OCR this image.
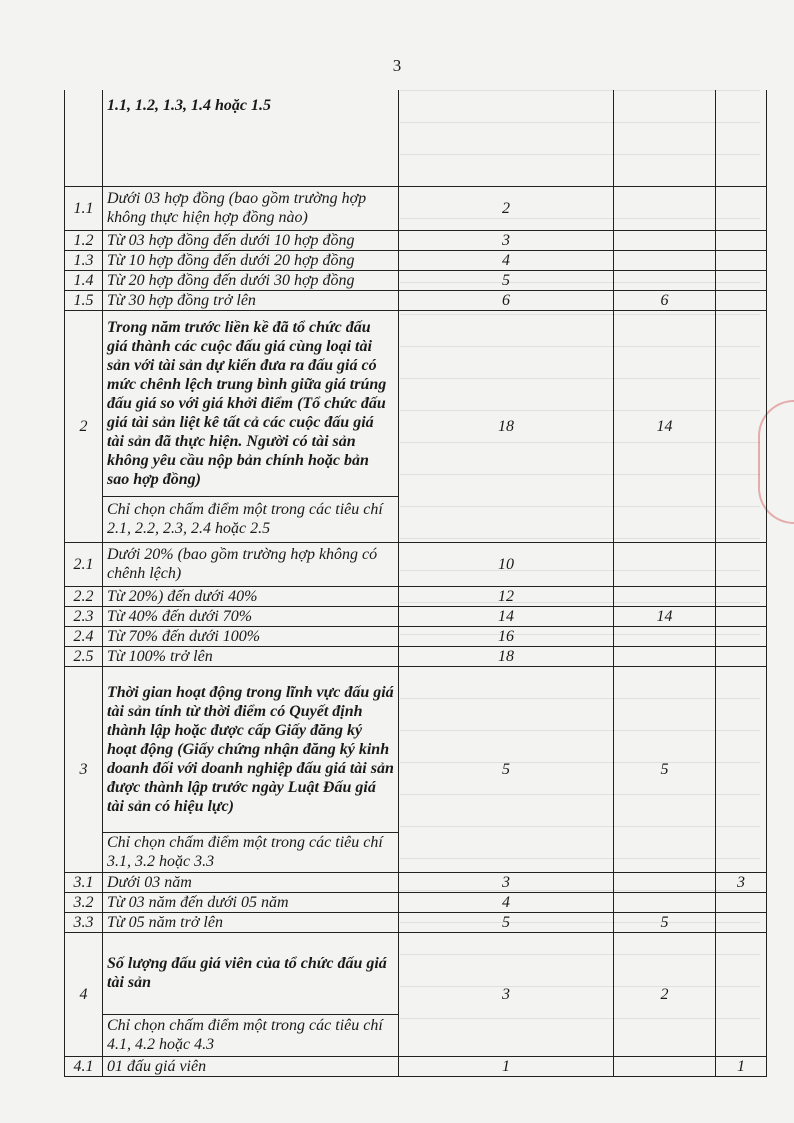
3
	1.1, 1.2, 1.3, 1.4 hoặc 1.5			
1.1	Dưới 03 hợp đồng (bao gồm trường hợp không thực hiện hợp đồng nào)	2		
1.2	Từ 03 hợp đồng đến dưới 10 hợp đồng	3		
1.3	Từ 10 hợp đồng đến dưới 20 hợp đồng	4		
1.4	Từ 20 hợp đồng đến dưới 30 hợp đồng	5		
1.5	Từ 30 hợp đồng trở lên	6	6	
2	Trong năm trước liền kề đã tổ chức đấu giá thành các cuộc đấu giá cùng loại tài sản với tài sản dự kiến đưa ra đấu giá có mức chênh lệch trung bình giữa giá trúng đấu giá so với giá khởi điểm (Tổ chức đấu giá tài sản liệt kê tất cả các cuộc đấu giá tài sản đã thực hiện. Người có tài sản không yêu cầu nộp bản chính hoặc bản sao hợp đồng)	18	14	
	Chỉ chọn chấm điểm một trong các tiêu chí 2.1, 2.2, 2.3, 2.4 hoặc 2.5			
2.1	Dưới 20% (bao gồm trường hợp không có chênh lệch)	10		
2.2	Từ 20%) đến dưới 40%	12		
2.3	Từ 40% đến dưới 70%	14	14	
2.4	Từ 70% đến dưới 100%	16		
2.5	Từ 100% trở lên	18		
3	Thời gian hoạt động trong lĩnh vực đấu giá tài sản tính từ thời điểm có Quyết định thành lập hoặc được cấp Giấy đăng ký hoạt động (Giấy chứng nhận đăng ký kinh doanh đối với doanh nghiệp đấu giá tài sản được thành lập trước ngày Luật Đấu giá tài sản có hiệu lực)	5	5	
	Chỉ chọn chấm điểm một trong các tiêu chí 3.1, 3.2 hoặc 3.3			
3.1	Dưới 03 năm	3		3
3.2	Từ 03 năm đến dưới 05 năm	4		
3.3	Từ 05 năm trở lên	5	5	
4	Số lượng đấu giá viên của tổ chức đấu giá tài sản	3	2	
	Chỉ chọn chấm điểm một trong các tiêu chí 4.1, 4.2 hoặc 4.3			
4.1	01 đấu giá viên	1		1
